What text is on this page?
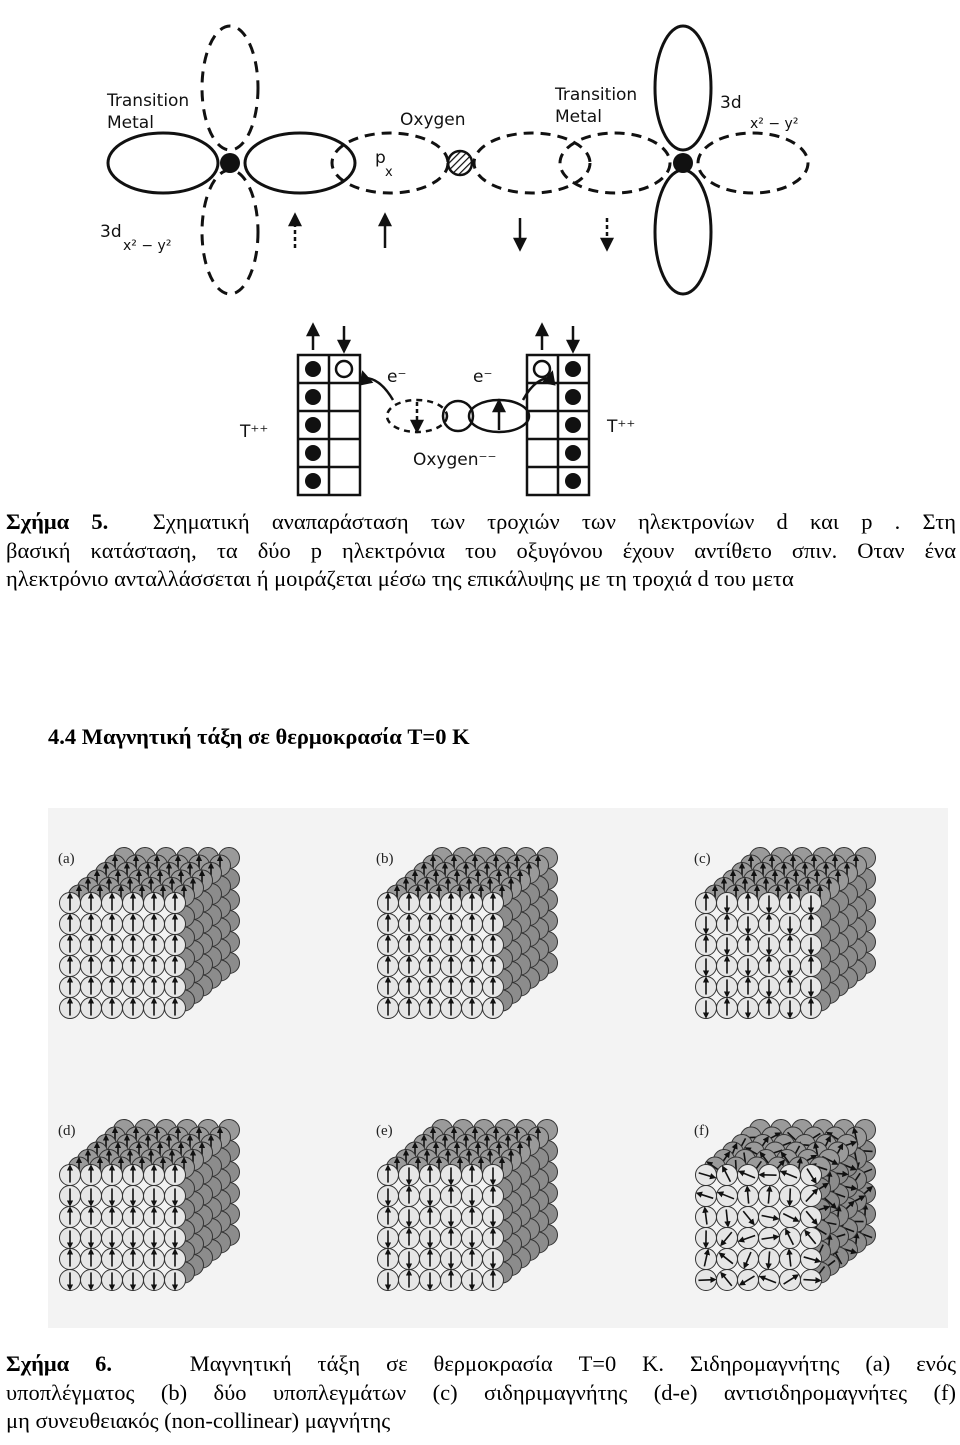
Transition
Metal	Oxygen
Transition
Metal
p
x
3d
x² − y²
3d
x² − y²
e⁻	e⁻
Oxygen⁻⁻
T⁺⁺	T⁺⁺

Σχήμα 5. Σχηματική αναπαράσταση των τροχιών των ηλεκτρονίων d και p . Στη
βασική κατάσταση, τα δύο p ηλεκτρόνια του οξυγόνου έχουν αντίθετο σπιν. Οταν ένα
ηλεκτρόνιο ανταλλάσσεται ή μοιράζεται μέσω της επικάλυψης με τη τροχιά d του μετα

4.4 Μαγνητική τάξη σε θερμοκρασία T=0 K
(a)	(b)	(c)
(d)	(e)	(f)

Σχήμα 6.	Μαγνητική τάξη σε θερμοκρασία T=0 K. Σιδηρομαγνήτης (a) ενός
υποπλέγματος (b) δύο υποπλεγμάτων (c) σιδηριμαγνήτης (d-e) αντισιδηρομαγνήτες (f)
μη συνευθειακός (non-collinear) μαγνήτης
